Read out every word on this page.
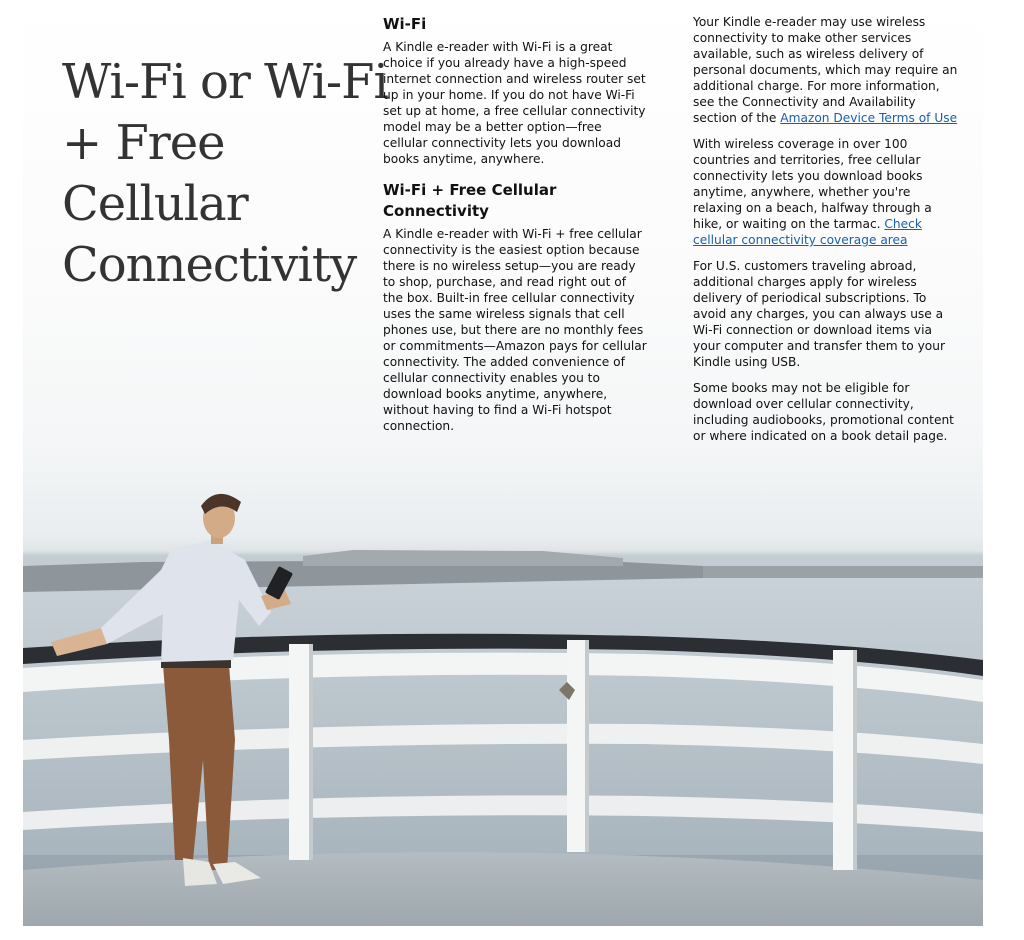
Wi-Fi or Wi-Fi + Free Cellular Connectivity
Wi-Fi

A Kindle e-reader with Wi-Fi is a great choice if you already have a high-speed internet connection and wireless router set up in your home. If you do not have Wi-Fi set up at home, a free cellular connectivity model may be a better option—free cellular connectivity lets you download books anytime, anywhere.

Wi-Fi + Free Cellular Connectivity

A Kindle e-reader with Wi-Fi + free cellular connectivity is the easiest option because there is no wireless setup—you are ready to shop, purchase, and read right out of the box. Built-in free cellular connectivity uses the same wireless signals that cell phones use, but there are no monthly fees or commitments—Amazon pays for cellular connectivity. The added convenience of cellular connectivity enables you to download books anytime, anywhere, without having to find a Wi-Fi hotspot connection.

Your Kindle e-reader may use wireless connectivity to make other services available, such as wireless delivery of personal documents, which may require an additional charge. For more information, see the Connectivity and Availability section of the Amazon Device Terms of Use

With wireless coverage in over 100 countries and territories, free cellular connectivity lets you download books anytime, anywhere, whether you're relaxing on a beach, halfway through a hike, or waiting on the tarmac. Check cellular connectivity coverage area

For U.S. customers traveling abroad, additional charges apply for wireless delivery of periodical subscriptions. To avoid any charges, you can always use a Wi-Fi connection or download items via your computer and transfer them to your Kindle using USB.

Some books may not be eligible for download over cellular connectivity, including audiobooks, promotional content or where indicated on a book detail page.
